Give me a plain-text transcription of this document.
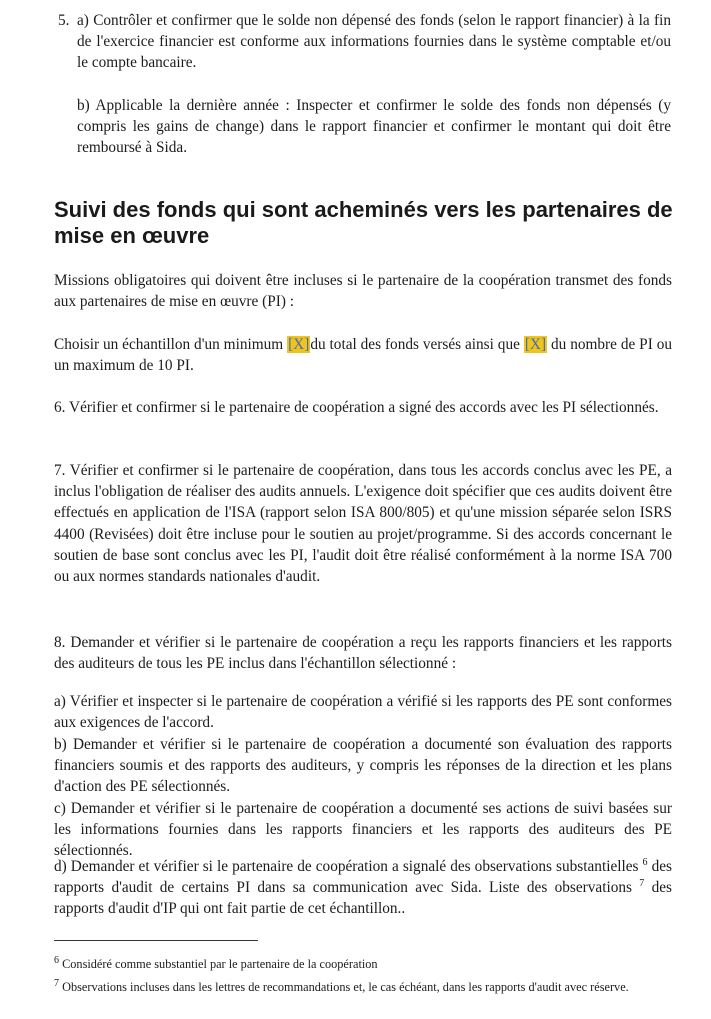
5. a) Contrôler et confirmer que le solde non dépensé des fonds (selon le rapport financier) à la fin de l'exercice financier est conforme aux informations fournies dans le système comptable et/ou le compte bancaire.

b) Applicable la dernière année : Inspecter et confirmer le solde des fonds non dépensés (y compris les gains de change) dans le rapport financier et confirmer le montant qui doit être remboursé à Sida.

Suivi des fonds qui sont acheminés vers les partenaires de mise en œuvre

Missions obligatoires qui doivent être incluses si le partenaire de la coopération transmet des fonds aux partenaires de mise en œuvre (PI) :

Choisir un échantillon d'un minimum [X]du total des fonds versés ainsi que [X] du nombre de PI ou un maximum de 10 PI.

6. Vérifier et confirmer si le partenaire de coopération a signé des accords avec les PI sélectionnés.

7. Vérifier et confirmer si le partenaire de coopération, dans tous les accords conclus avec les PE, a inclus l'obligation de réaliser des audits annuels. L'exigence doit spécifier que ces audits doivent être effectués en application de l'ISA (rapport selon ISA 800/805) et qu'une mission séparée selon ISRS 4400 (Revisées) doit être incluse pour le soutien au projet/programme. Si des accords concernant le soutien de base sont conclus avec les PI, l'audit doit être réalisé conformément à la norme ISA 700 ou aux normes standards nationales d'audit.

8. Demander et vérifier si le partenaire de coopération a reçu les rapports financiers et les rapports des auditeurs de tous les PE inclus dans l'échantillon sélectionné :

a) Vérifier et inspecter si le partenaire de coopération a vérifié si les rapports des PE sont conformes aux exigences de l'accord.

b) Demander et vérifier si le partenaire de coopération a documenté son évaluation des rapports financiers soumis et des rapports des auditeurs, y compris les réponses de la direction et les plans d'action des PE sélectionnés.

c) Demander et vérifier si le partenaire de coopération a documenté ses actions de suivi basées sur les informations fournies dans les rapports financiers et les rapports des auditeurs des PE sélectionnés.

d) Demander et vérifier si le partenaire de coopération a signalé des observations substantielles $^6$ des rapports d'audit de certains PI dans sa communication avec Sida. Liste des observations $^7$ des rapports d'audit d'IP qui ont fait partie de cet échantillon..

$^6$ Considéré comme substantiel par le partenaire de la coopération

$^7$ Observations incluses dans les lettres de recommandations et, le cas échéant, dans les rapports d'audit avec réserve.
